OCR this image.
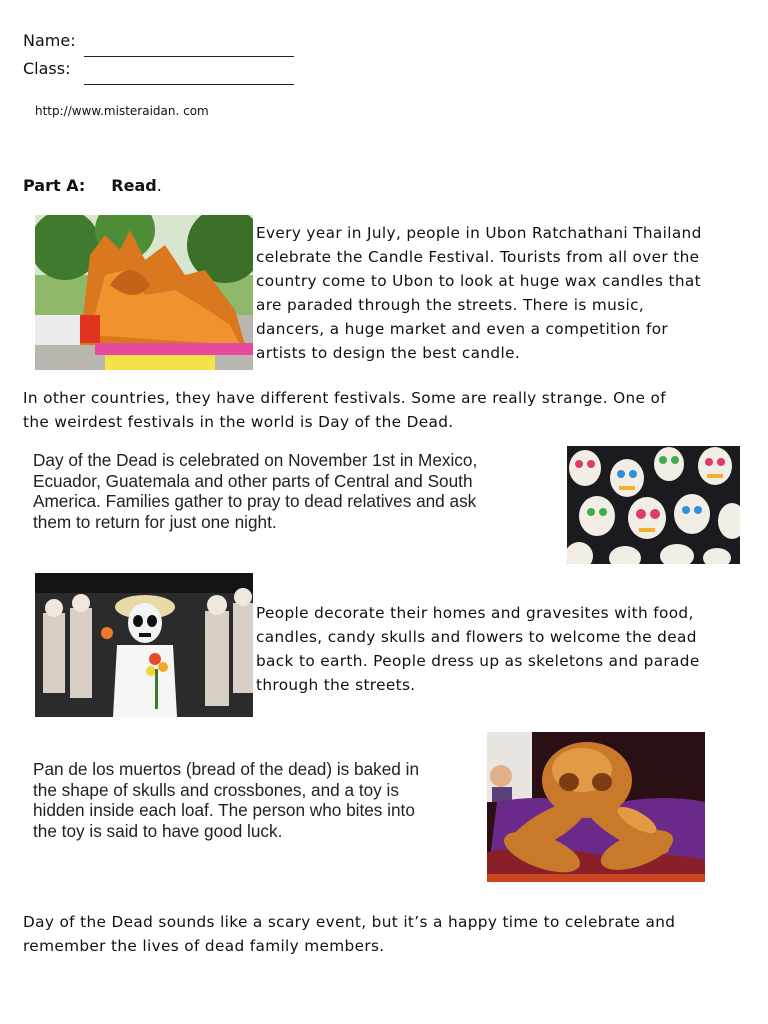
Name:
Class:
http://www.misteraidan. com
Part A: Read.
Every year in July, people in Ubon Ratchathani Thailand
celebrate the Candle Festival. Tourists from all over the
country come to Ubon to look at huge wax candles that
are paraded through the streets. There is music,
dancers, a huge market and even a competition for
artists to design the best candle.
In other countries, they have different festivals. Some are really strange. One of
the weirdest festivals in the world is Day of the Dead.
Day of the Dead is celebrated on November 1st in Mexico,
Ecuador, Guatemala and other parts of Central and South
America. Families gather to pray to dead relatives and ask
them to return for just one night.
People decorate their homes and gravesites with food,
candles, candy skulls and flowers to welcome the dead
back to earth. People dress up as skeletons and parade
through the streets.
Pan de los muertos (bread of the dead) is baked in
the shape of skulls and crossbones, and a toy is
hidden inside each loaf. The person who bites into
the toy is said to have good luck.
Day of the Dead sounds like a scary event, but it’s a happy time to celebrate and
remember the lives of dead family members.
